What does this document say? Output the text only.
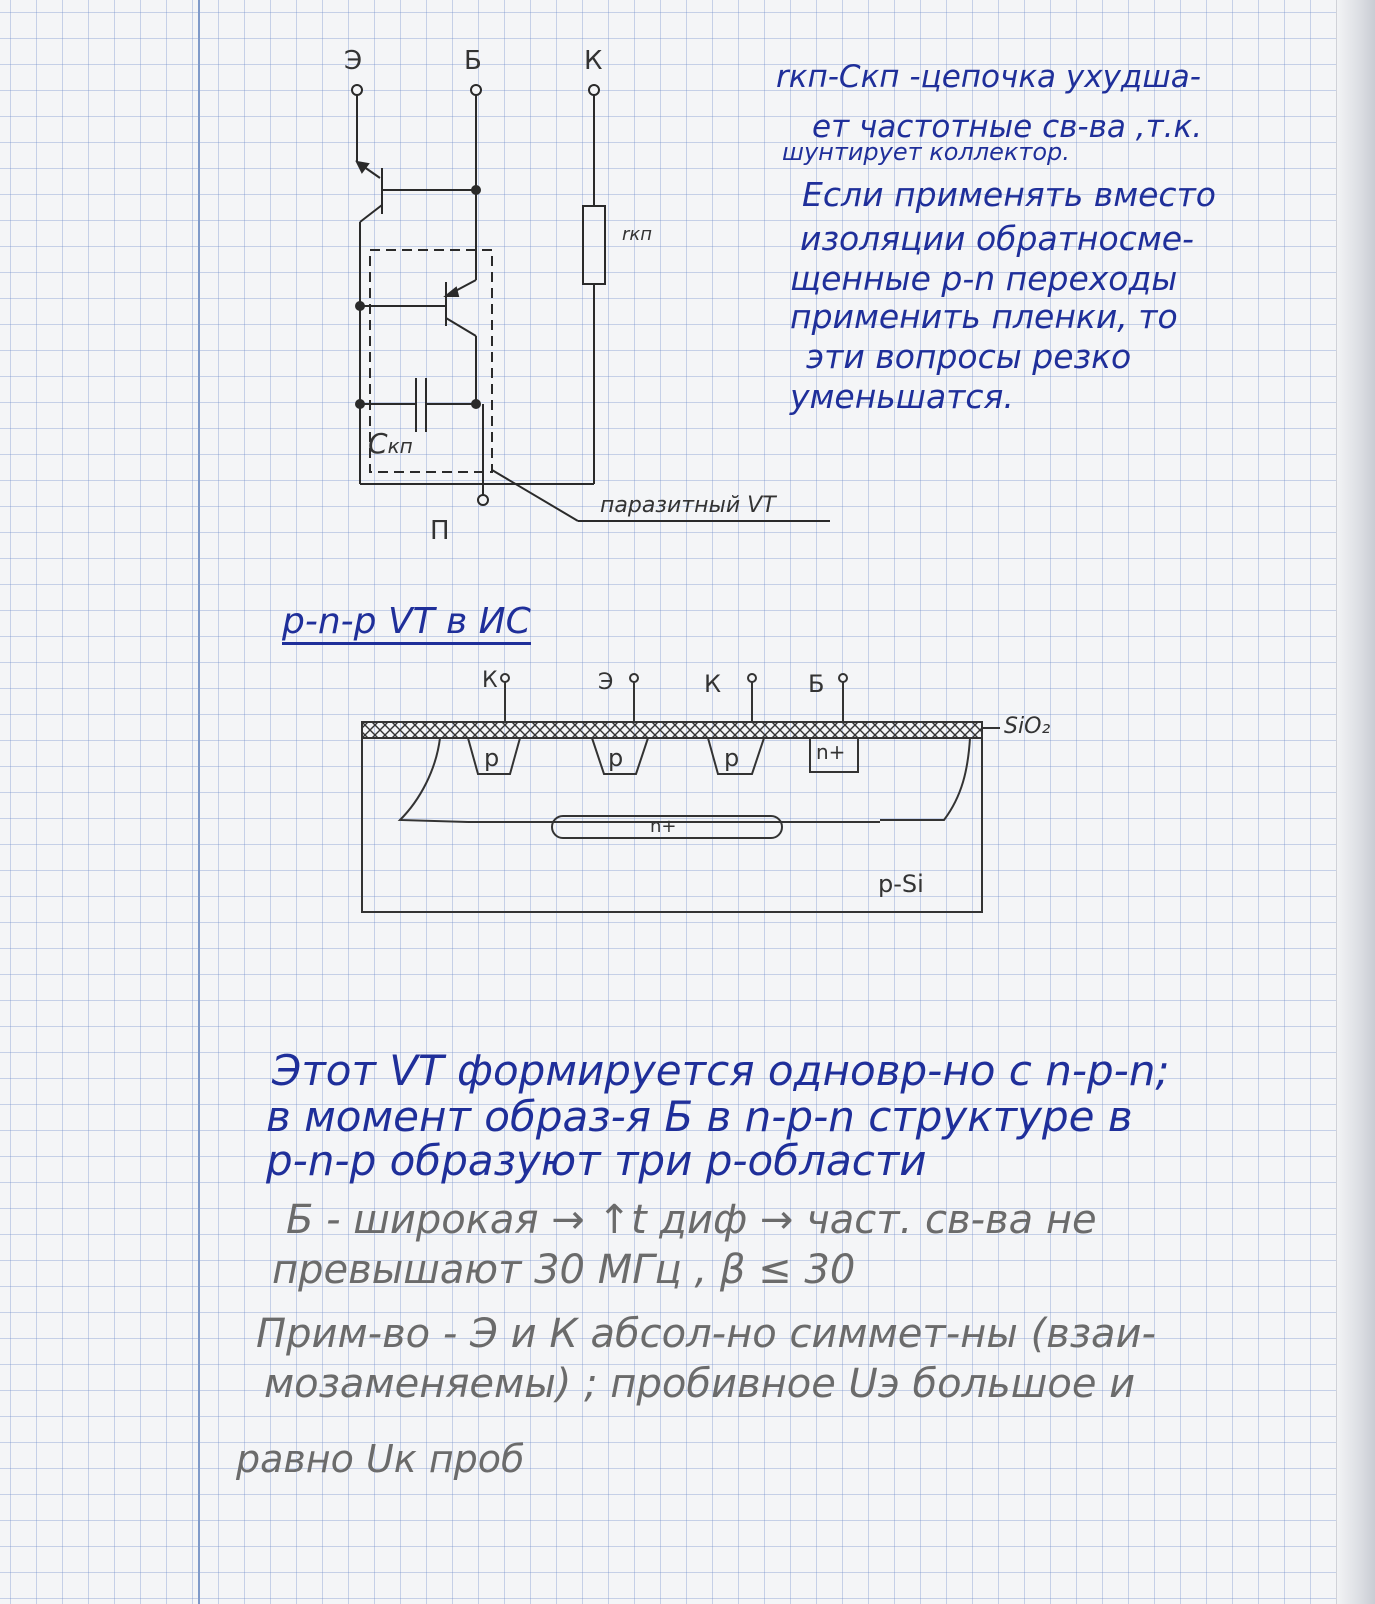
Э	Б	К

rкп

Cкп

П

паразитный VT

rкп-Cкп -цепочка ухудша-

ет частотные св-ва ,т.к.

шунтирует коллектор.

Если применять вместо

изоляции обратносме-

щенные p-n переходы

применить пленки, то

эти вопросы резко

уменьшатся.

p-n-p VT в ИС

К	Э	К	Б

SiO₂

p	p	p	n+

n+

p-Si

Этот VT формируется одновр-но с n-p-n;

в момент образ-я Б в n-p-n структуре в

p-n-p образуют три p-области

Б - широкая → ↑t диф → част. св-ва не

превышают 30 МГц , β ≤ 30

Прим-во - Э и К абсол-но симмет-ны (взаи-

мозаменяемы) ; пробивное Uэ большое и

равно Uк проб
